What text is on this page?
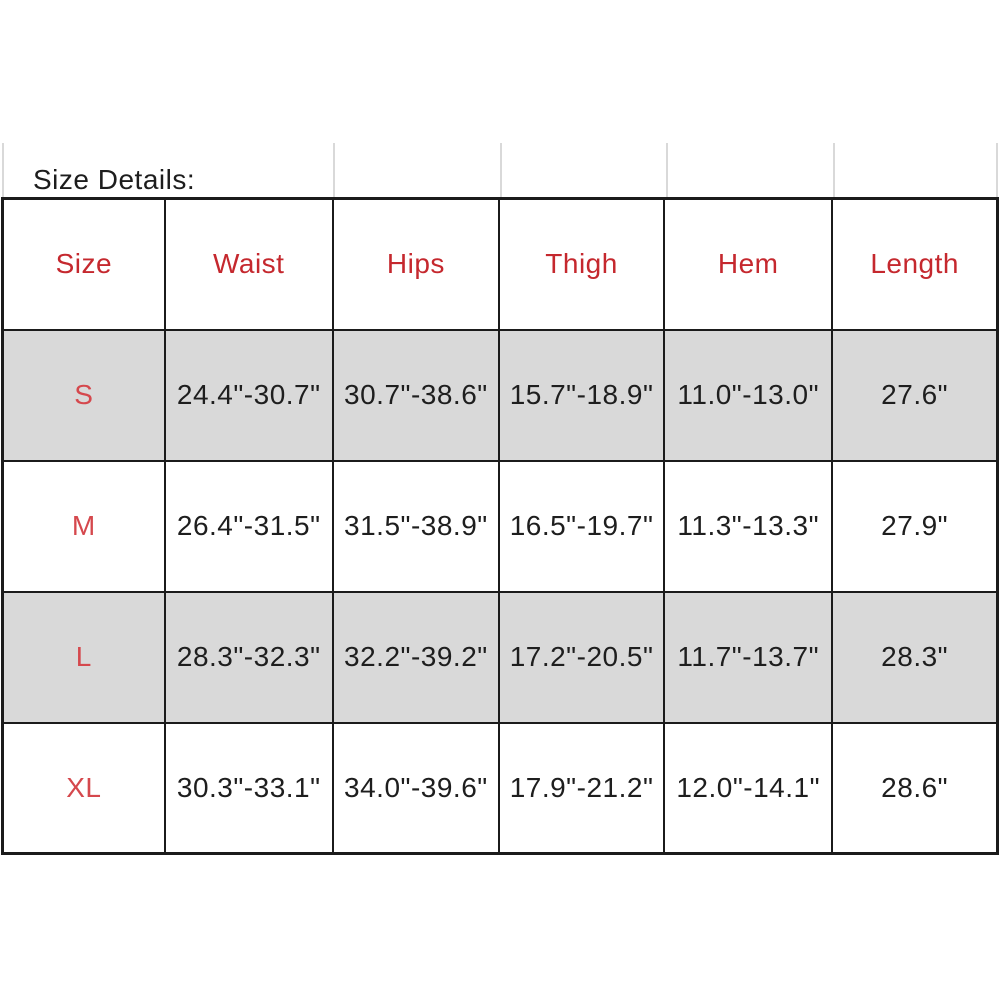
Size Details:
Size	Waist	Hips	Thigh	Hem	Length
S	24.4"-30.7"	30.7"-38.6"	15.7"-18.9"	11.0"-13.0"	27.6"
M	26.4"-31.5"	31.5"-38.9"	16.5"-19.7"	11.3"-13.3"	27.9"
L	28.3"-32.3"	32.2"-39.2"	17.2"-20.5"	11.7"-13.7"	28.3"
XL	30.3"-33.1"	34.0"-39.6"	17.9"-21.2"	12.0"-14.1"	28.6"
